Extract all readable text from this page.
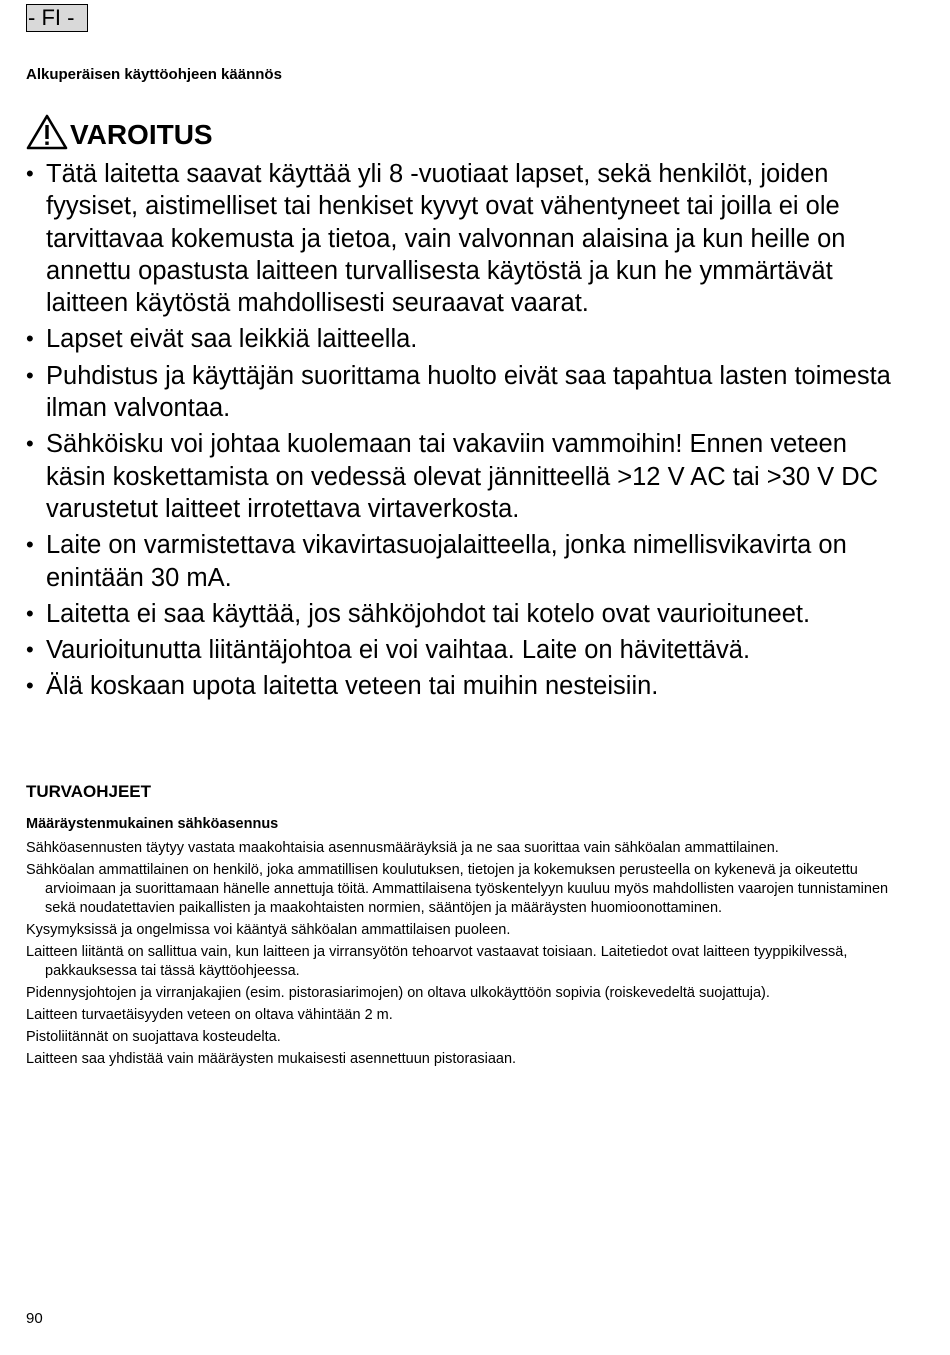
- FI -
Alkuperäisen käyttöohjeen käännös
VAROITUS
• Tätä laitetta saavat käyttää yli 8 -vuotiaat lapset, sekä henkilöt, joiden fyysiset, aistimelliset tai henkiset kyvyt ovat vähentyneet tai joilla ei ole tarvittavaa kokemusta ja tietoa, vain valvonnan alaisina ja kun heille on annettu opastusta laitteen turvallisesta käytöstä ja kun he ymmärtävät laitteen käytöstä mahdollisesti seuraavat vaarat.
• Lapset eivät saa leikkiä laitteella.
• Puhdistus ja käyttäjän suorittama huolto eivät saa tapahtua lasten toimesta ilman valvontaa.
• Sähköisku voi johtaa kuolemaan tai vakaviin vammoihin! Ennen veteen käsin koskettamista on vedessä olevat jännitteellä >12 V AC tai >30 V DC varustetut laitteet irrotettava virtaverkosta.
• Laite on varmistettava vikavirtasuojalaitteella, jonka nimellisvikavirta on enintään 30 mA.
• Laitetta ei saa käyttää, jos sähköjohdot tai kotelo ovat vaurioituneet.
• Vaurioitunutta liitäntäjohtoa ei voi vaihtaa. Laite on hävitettävä.
• Älä koskaan upota laitetta veteen tai muihin nesteisiin.
TURVAOHJEET
Määräystenmukainen sähköasennus

Sähköasennusten täytyy vastata maakohtaisia asennusmääräyksiä ja ne saa suorittaa vain sähköalan ammattilainen.

Sähköalan ammattilainen on henkilö, joka ammatillisen koulutuksen, tietojen ja kokemuksen perusteella on kykenevä ja oikeutettu arvioimaan ja suorittamaan hänelle annettuja töitä. Ammattilaisena työskentelyyn kuuluu myös mahdollisten vaarojen tunnistaminen sekä noudatettavien paikallisten ja maakohtaisten normien, sääntöjen ja määräysten huomioonottaminen.

Kysymyksissä ja ongelmissa voi kääntyä sähköalan ammattilaisen puoleen.

Laitteen liitäntä on sallittua vain, kun laitteen ja virransyötön tehoarvot vastaavat toisiaan. Laitetiedot ovat laitteen tyyppikilvessä, pakkauksessa tai tässä käyttöohjeessa.

Pidennysjohtojen ja virranjakajien (esim. pistorasiarimojen) on oltava ulkokäyttöön sopivia (roiskevedeltä suojattuja).

Laitteen turvaetäisyyden veteen on oltava vähintään 2 m.

Pistoliitännät on suojattava kosteudelta.

Laitteen saa yhdistää vain määräysten mukaisesti asennettuun pistorasiaan.

90
